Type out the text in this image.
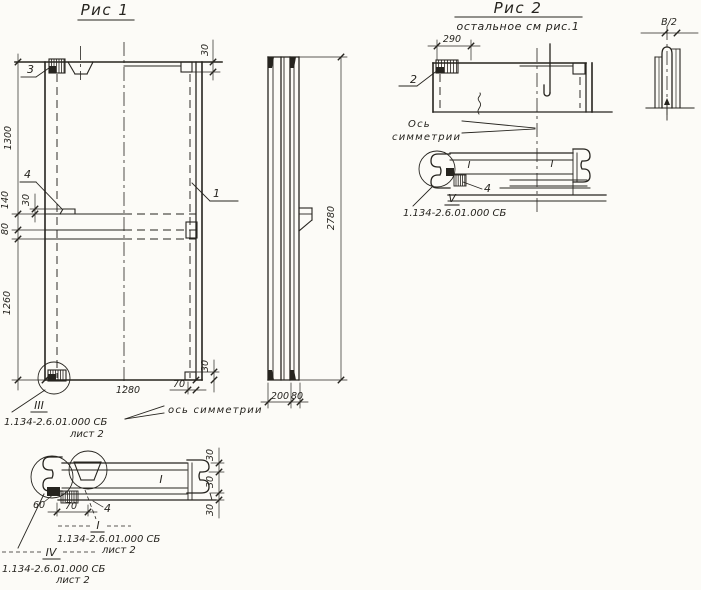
Рис 1
3
4
1
1300
140
80
1260
30
30
1280
70
30
III
1.134-2.6.01.000 СБ
лист 2
ось симметрии
2780
200 80
I
60 70 4
30
30
30
I
1.134-2.6.01.000 СБ
лист 2
IV
1.134-2.6.01.000 СБ
лист 2
Рис 2
остальное см рис.1
290
2
Ось
симметрии
I	I
4
V
1.134-2.6.01.000 СБ
В/2
